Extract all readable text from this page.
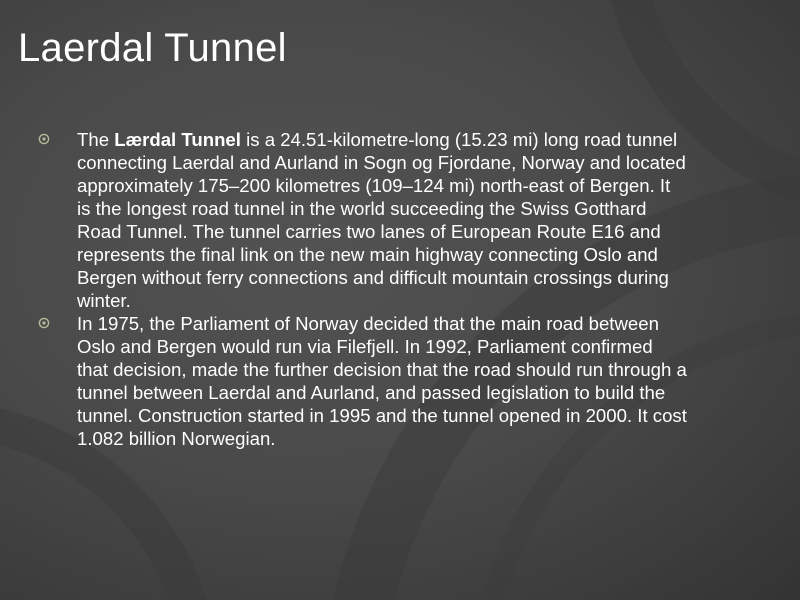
Laerdal Tunnel
The Lærdal Tunnel is a 24.51-kilometre-long (15.23 mi) long road tunnel connecting Laerdal and Aurland in Sogn og Fjordane, Norway and located approximately 175–200 kilometres (109–124 mi) north-east of Bergen. It is the longest road tunnel in the world succeeding the Swiss Gotthard Road Tunnel. The tunnel carries two lanes of European Route E16 and represents the final link on the new main highway connecting Oslo and Bergen without ferry connections and difficult mountain crossings during winter.
In 1975, the Parliament of Norway decided that the main road between Oslo and Bergen would run via Filefjell. In 1992, Parliament confirmed that decision, made the further decision that the road should run through a tunnel between Laerdal and Aurland, and passed legislation to build the tunnel. Construction started in 1995 and the tunnel opened in 2000. It cost 1.082 billion Norwegian.
